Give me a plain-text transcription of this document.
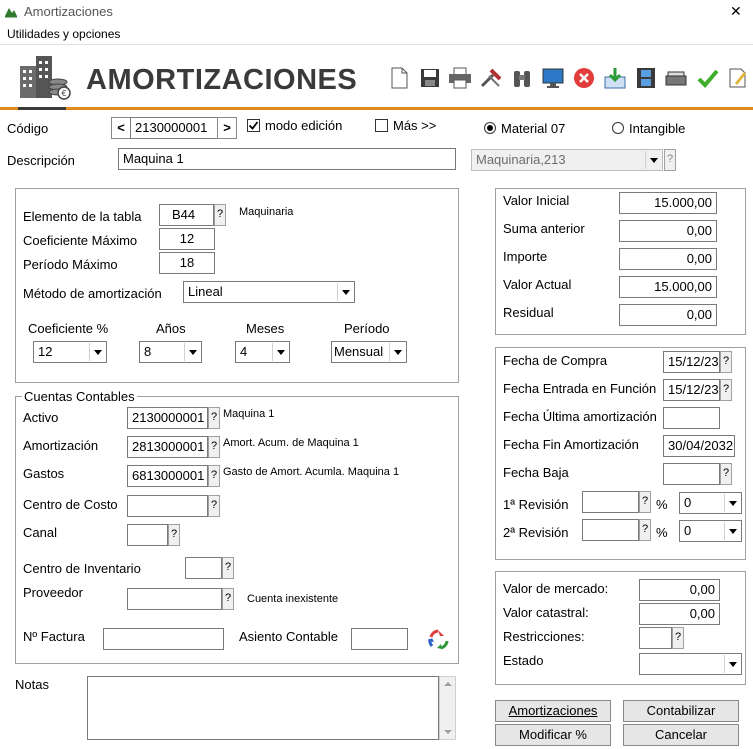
Amortizaciones	✕
Utilidades y opciones
€ AMORTIZACIONES
Código	< 2130000001	>	modo edición	Más >>	Material 07	Intangible
Descripción	Maquina 1	Maquinaria,213	?
Elemento de la tabla	B44	? Maquinaria
Coeficiente Máximo	12
Período Máximo	18
Método de amortización	Lineal
Coeficiente %	Años	Meses	Período
12	8	4	Mensual
Cuentas Contables
Activo	2130000001 ? Maquina 1
Amortización	2813000001 ? Amort. Acum. de Maquina 1
Gastos	6813000001 ? Gasto de Amort. Acumla. Maquina 1
Centro de Costo	?
Canal	?
Centro de Inventario	?
Proveedor	? Cuenta inexistente
Nº Factura	Asiento Contable
Notas
Valor Inicial	15.000,00
Suma anterior	0,00
Importe	0,00
Valor Actual	15.000,00
Residual	0,00
Fecha de Compra	15/12/23 ?
Fecha Entrada en Función 15/12/23 ?
Fecha Última amortización
Fecha Fin Amortización	30/04/2032
Fecha Baja	?
1ª Revisión	? %	0
2ª Revisión	? %	0
Valor de mercado:	0,00
Valor catastral:	0,00
Restricciones:	?
Estado
Amortizaciones	Contabilizar
Modificar %	Cancelar
